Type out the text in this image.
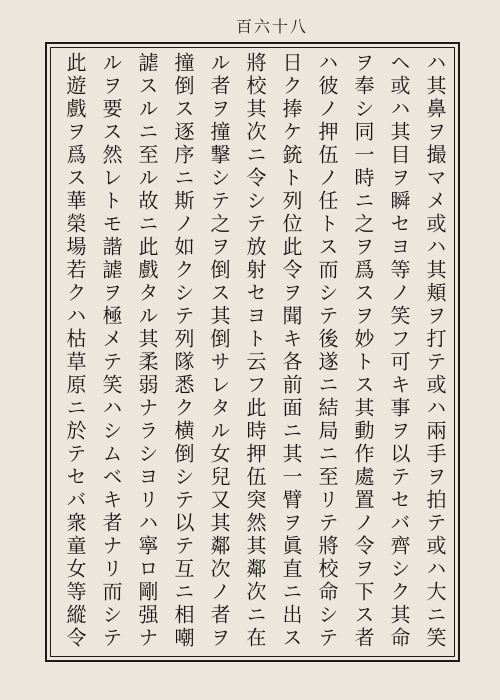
百六十八
ハ其鼻ヲ撮マメ或ハ其頬ヲ打テ或ハ兩手ヲ拍テ或ハ大ニ笑
ヘ或ハ其目ヲ瞬セヨ等ノ笑フ可キ事ヲ以テセバ齊シク其命
ヲ奉シ同一時ニ之ヲ爲スヲ妙トス其動作處置ノ令ヲ下ス者
ハ彼ノ押伍ノ任トス而シテ後遂ニ結局ニ至リテ將校命シテ
日ク捧ケ銃ト列位此令ヲ聞キ各前面ニ其一臂ヲ眞直ニ出ス
將校其次ニ令シテ放射セヨト云フ此時押伍突然其鄰次ニ在
ル者ヲ撞撃シテ之ヲ倒ス其倒サレタル女兒又其鄰次ノ者ヲ
撞倒ス逐序ニ斯ノ如クシテ列隊悉ク横倒シテ以テ互ニ相嘲
謔スルニ至ル故ニ此戲タル其柔弱ナラシヨリハ寧ロ剛强ナ
ルヲ要ス然レトモ諧謔ヲ極メテ笑ハシムベキ者ナリ而シテ
此遊戲ヲ爲ス華榮場若クハ枯草原ニ於テセバ衆童女等縱令
